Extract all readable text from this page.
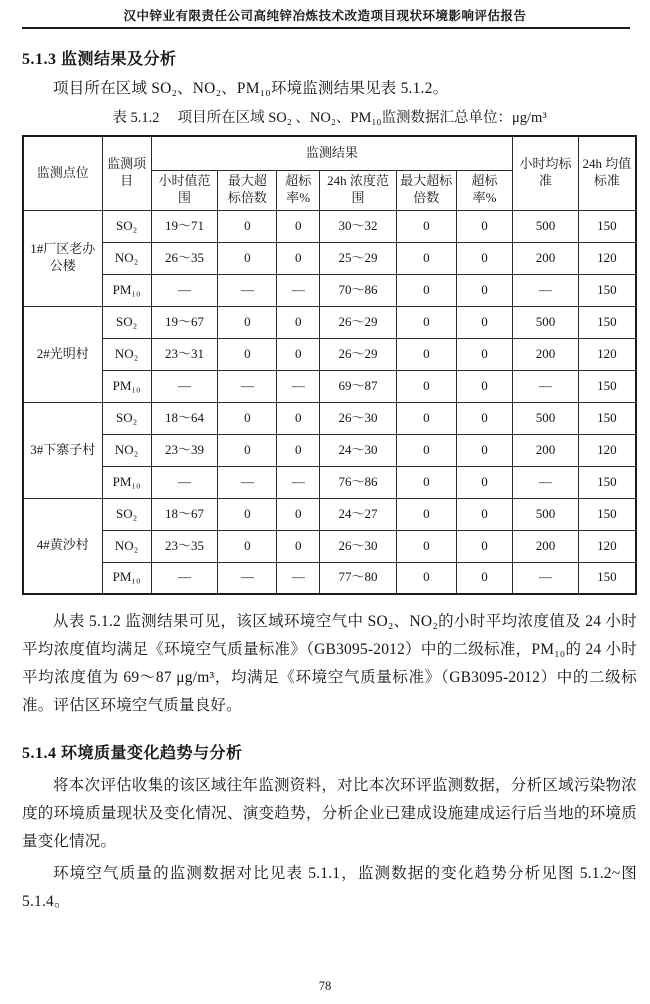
汉中锌业有限责任公司高纯锌冶炼技术改造项目现状环境影响评估报告
5.1.3 监测结果及分析

项目所在区域 SO₂、NO₂、PM₁₀环境监测结果见表 5.1.2。

表 5.1.2　 项目所在区域 SO₂ 、NO₂、PM₁₀监测数据汇总单位：μg/m³
监测点位	监测项目	监测结果						小时均标准	24h 均值标准
		小时值范围	最大超标倍数	超标率%	24h 浓度范围	最大超标倍数	超标率%		
1#厂区老办公楼	SO₂	19～71	0	0	30～32	0	0	500	150
	NO₂	26～35	0	0	25～29	0	0	200	120
	PM₁₀	—	—	—	70～86	0	0	—	150
2#光明村	SO₂	19～67	0	0	26～29	0	0	500	150
	NO₂	23～31	0	0	26～29	0	0	200	120
	PM₁₀	—	—	—	69～87	0	0	—	150
3#下寨子村	SO₂	18～64	0	0	26～30	0	0	500	150
	NO₂	23～39	0	0	24～30	0	0	200	120
	PM₁₀	—	—	—	76～86	0	0	—	150
4#黄沙村	SO₂	18～67	0	0	24～27	0	0	500	150
	NO₂	23～35	0	0	26～30	0	0	200	120
	PM₁₀	—	—	—	77～80	0	0	—	150

从表 5.1.2 监测结果可见，该区域环境空气中 SO₂、NO₂的小时平均浓度值及 24 小时平均浓度值均满足《环境空气质量标准》（GB3095-2012）中的二级标准，PM₁₀的 24 小时平均浓度值为 69～87 μg/m³，均满足《环境空气质量标准》（GB3095-2012）中的二级标准。评估区环境空气质量良好。

5.1.4 环境质量变化趋势与分析

将本次评估收集的该区域往年监测资料，对比本次环评监测数据，分析区域污染物浓度的环境质量现状及变化情况、演变趋势，分析企业已建成设施建成运行后当地的环境质量变化情况。

环境空气质量的监测数据对比见表 5.1.1，监测数据的变化趋势分析见图 5.1.2~图 5.1.4。

78
